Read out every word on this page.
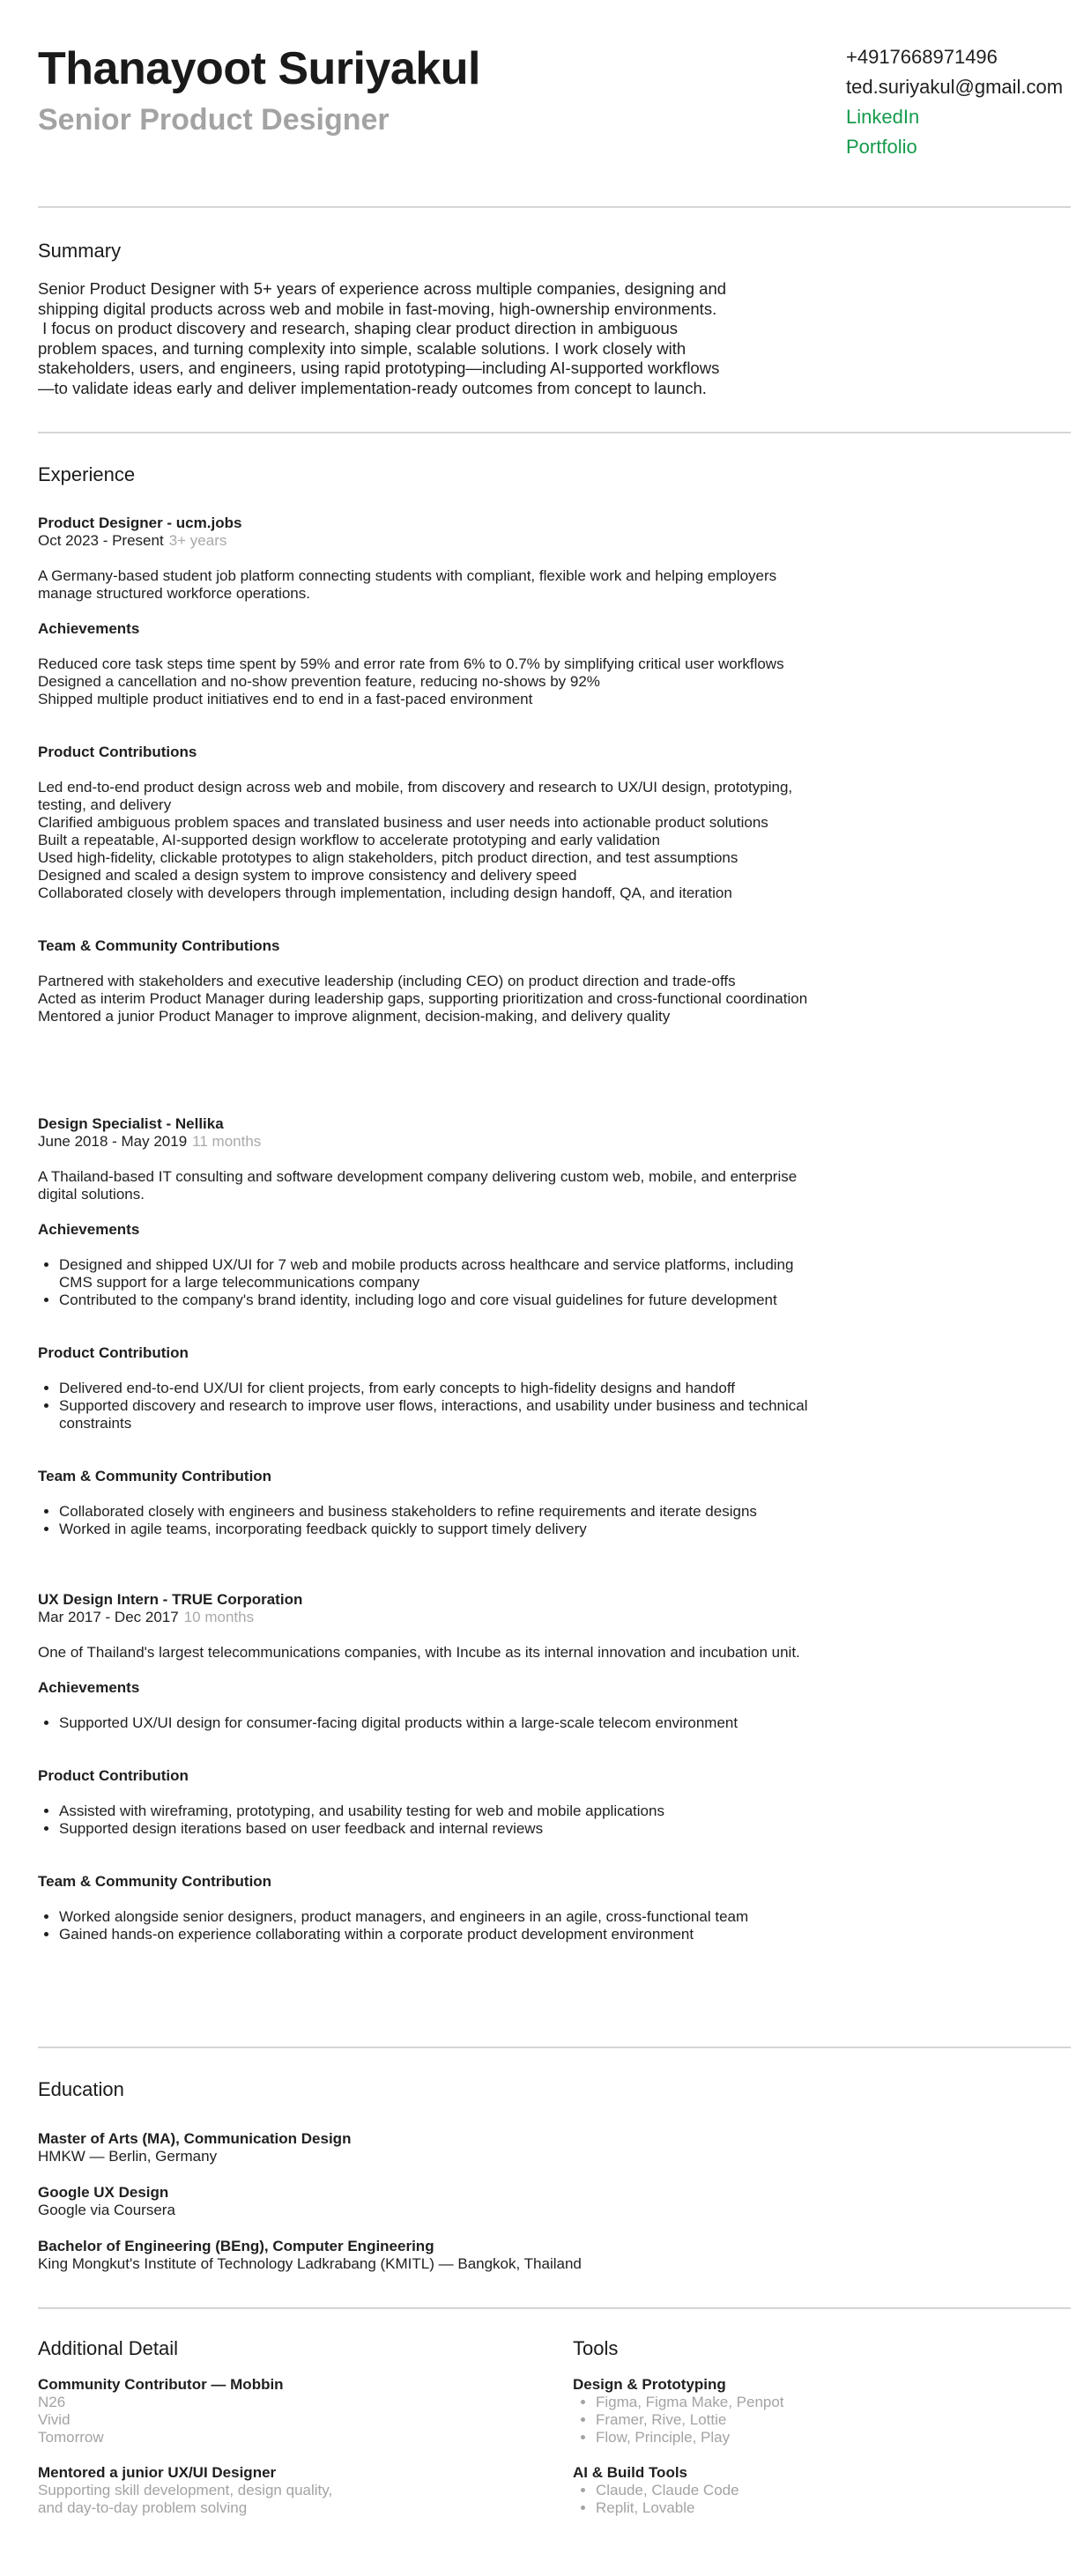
Thanayoot Suriyakul
Senior Product Designer
+4917668971496
ted.suriyakul@gmail.com
LinkedIn
Portfolio
Summary
Senior Product Designer with 5+ years of experience across multiple companies, designing and
shipping digital products across web and mobile in fast-moving, high-ownership environments.
I focus on product discovery and research, shaping clear product direction in ambiguous
problem spaces, and turning complexity into simple, scalable solutions. I work closely with
stakeholders, users, and engineers, using rapid prototyping—including AI-supported workflows
—to validate ideas early and deliver implementation-ready outcomes from concept to launch.
Experience

Product Designer - ucm.jobs

Oct 2023 - Present 3+ years

A Germany-based student job platform connecting students with compliant, flexible work and helping employers manage structured workforce operations.

Achievements

Reduced core task steps time spent by 59% and error rate from 6% to 0.7% by simplifying critical user workflows
Designed a cancellation and no-show prevention feature, reducing no-shows by 92%
Shipped multiple product initiatives end to end in a fast-paced environment

Product Contributions

Led end-to-end product design across web and mobile, from discovery and research to UX/UI design, prototyping, testing, and delivery
Clarified ambiguous problem spaces and translated business and user needs into actionable product solutions
Built a repeatable, AI-supported design workflow to accelerate prototyping and early validation
Used high-fidelity, clickable prototypes to align stakeholders, pitch product direction, and test assumptions
Designed and scaled a design system to improve consistency and delivery speed
Collaborated closely with developers through implementation, including design handoff, QA, and iteration

Team & Community Contributions

Partnered with stakeholders and executive leadership (including CEO) on product direction and trade-offs
Acted as interim Product Manager during leadership gaps, supporting prioritization and cross-functional coordination
Mentored a junior Product Manager to improve alignment, decision-making, and delivery quality

Design Specialist - Nellika

June 2018 - May 2019 11 months

A Thailand-based IT consulting and software development company delivering custom web, mobile, and enterprise digital solutions.

Achievements

• Designed and shipped UX/UI for 7 web and mobile products across healthcare and service platforms, including CMS support for a large telecommunications company
• Contributed to the company's brand identity, including logo and core visual guidelines for future development

Product Contribution

• Delivered end-to-end UX/UI for client projects, from early concepts to high-fidelity designs and handoff
• Supported discovery and research to improve user flows, interactions, and usability under business and technical constraints

Team & Community Contribution

• Collaborated closely with engineers and business stakeholders to refine requirements and iterate designs
• Worked in agile teams, incorporating feedback quickly to support timely delivery

UX Design Intern - TRUE Corporation

Mar 2017 - Dec 2017 10 months

One of Thailand's largest telecommunications companies, with Incube as its internal innovation and incubation unit.

Achievements

• Supported UX/UI design for consumer-facing digital products within a large-scale telecom environment

Product Contribution

• Assisted with wireframing, prototyping, and usability testing for web and mobile applications
• Supported design iterations based on user feedback and internal reviews

Team & Community Contribution

• Worked alongside senior designers, product managers, and engineers in an agile, cross-functional team
• Gained hands-on experience collaborating within a corporate product development environment
Education

Master of Arts (MA), Communication Design

HMKW — Berlin, Germany

Google UX Design

Google via Coursera

Bachelor of Engineering (BEng), Computer Engineering

King Mongkut's Institute of Technology Ladkrabang (KMITL) — Bangkok, Thailand

Additional Detail

Community Contributor — Mobbin

N26
Vivid
Tomorrow

Mentored a junior UX/UI Designer

Supporting skill development, design quality,
and day-to-day problem solving
Tools

Design & Prototyping

• Figma, Figma Make, Penpot
• Framer, Rive, Lottie
• Flow, Principle, Play

AI & Build Tools

• Claude, Claude Code
• Replit, Lovable
